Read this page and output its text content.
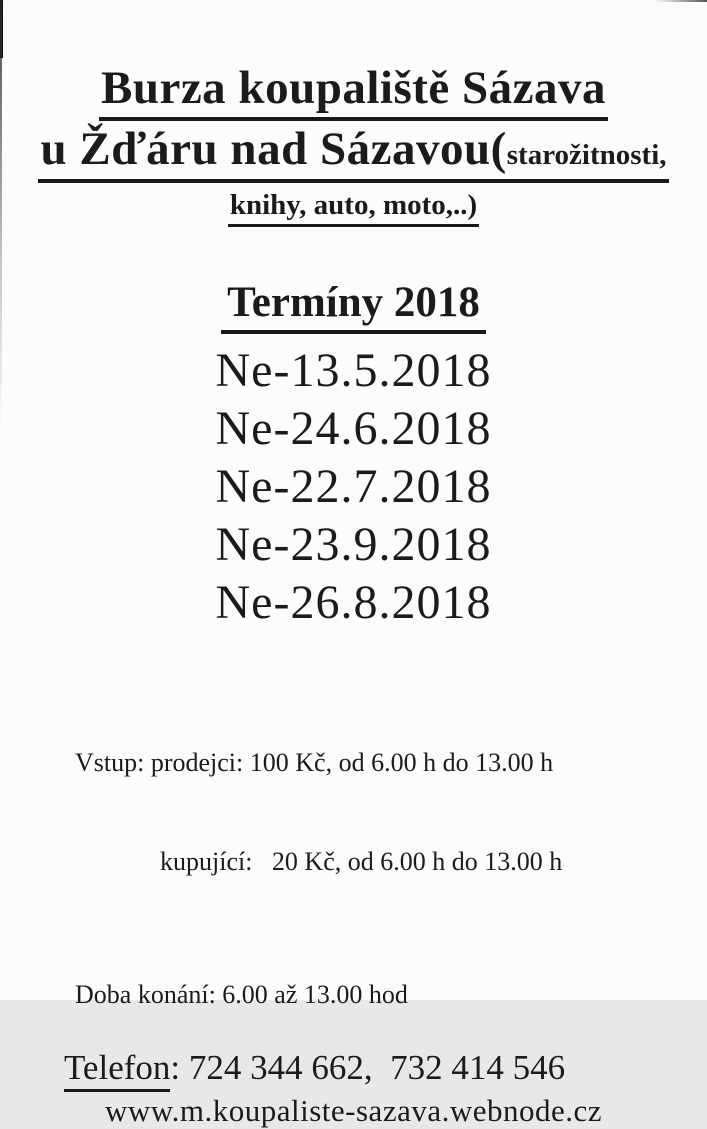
Burza koupaliště Sázava
u Žďáru nad Sázavou(starožitnosti,
knihy, auto, moto,..)
Termíny 2018
Ne-13.5.2018
Ne-24.6.2018
Ne-22.7.2018
Ne-23.9.2018
Ne-26.8.2018

Vstup: prodejci: 100 Kč, od 6.00 h do 13.00 h

kupující:   20 Kč, od 6.00 h do 13.00 h

Doba konání: 6.00 až 13.00 hod
Telefon: 724 344 662,  732 414 546
www.m.koupaliste-sazava.webnode.cz
